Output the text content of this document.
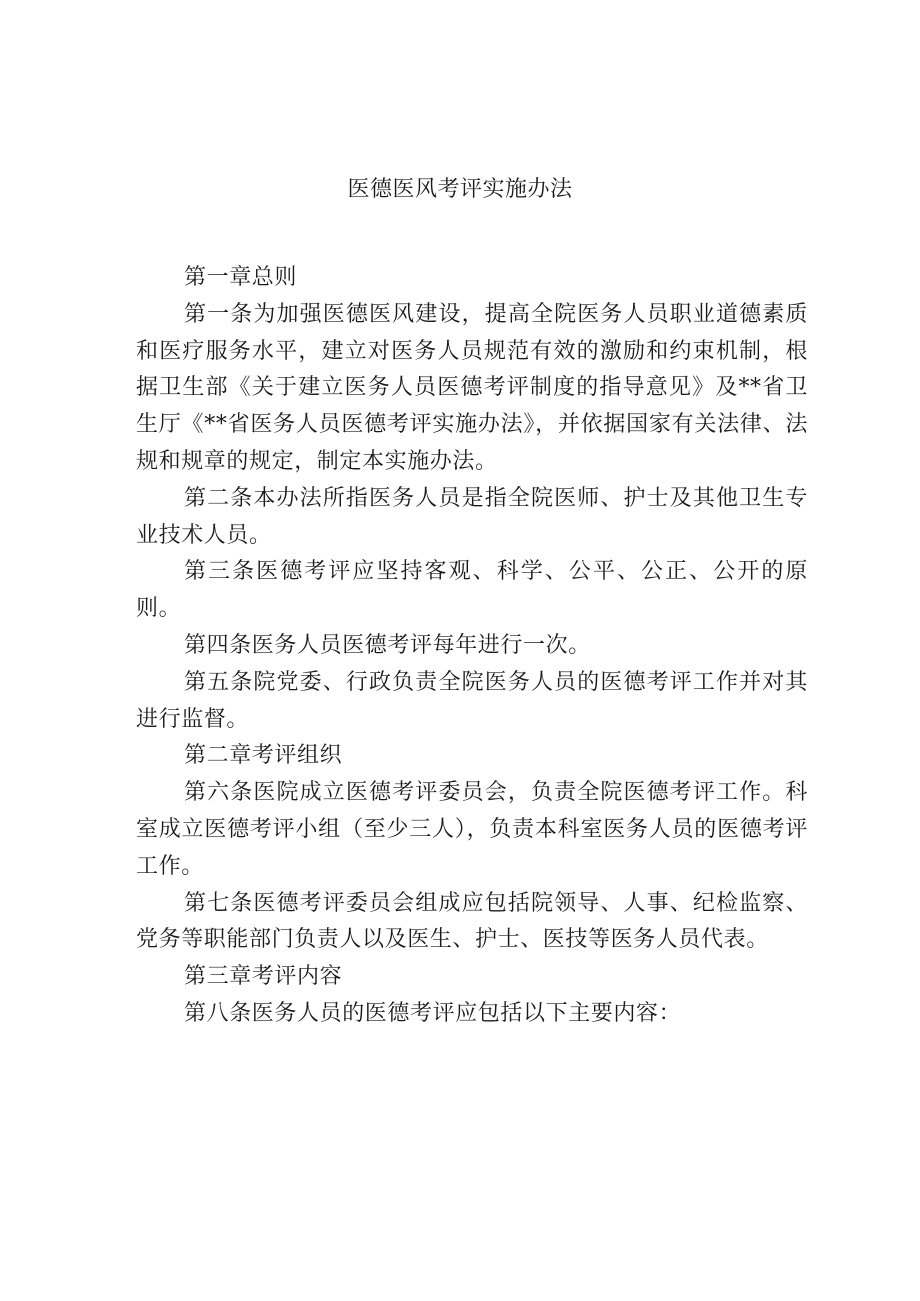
医德医风考评实施办法

第一章总则

第一条为加强医德医风建设，提高全院医务人员职业道德素质和医疗服务水平，建立对医务人员规范有效的激励和约束机制，根据卫生部《关于建立医务人员医德考评制度的指导意见》及**省卫生厅《**省医务人员医德考评实施办法》，并依据国家有关法律、法规和规章的规定，制定本实施办法。

第二条本办法所指医务人员是指全院医师、护士及其他卫生专业技术人员。

第三条医德考评应坚持客观、科学、公平、公正、公开的原则。

第四条医务人员医德考评每年进行一次。

第五条院党委、行政负责全院医务人员的医德考评工作并对其进行监督。

第二章考评组织

第六条医院成立医德考评委员会，负责全院医德考评工作。科室成立医德考评小组（至少三人），负责本科室医务人员的医德考评工作。

第七条医德考评委员会组成应包括院领导、人事、纪检监察、党务等职能部门负责人以及医生、护士、医技等医务人员代表。

第三章考评内容

第八条医务人员的医德考评应包括以下主要内容：
